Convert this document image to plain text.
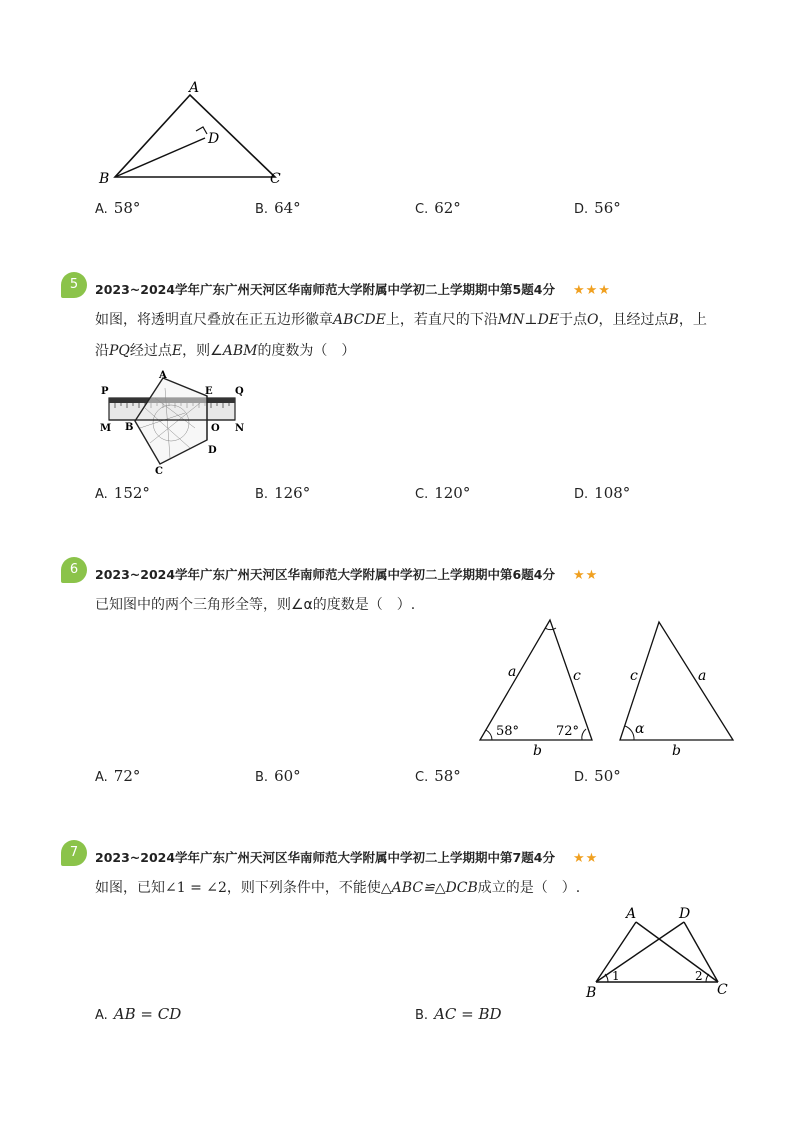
A
D
B	C
A. 58°	B. 64°	C. 62°	D. 56°
5	2023~2024学年广东广州天河区华南师范大学附属中学初二上学期期中第5题4分 ★★★
如图，将透明直尺叠放在正五边形徽章ABCDE上，若直尺的下沿MN⊥DE于点O，且经过点B，上
沿PQ经过点E，则∠ABM的度数为（　）
P
A
E Q
M B	O N
D
C
A. 152°	B. 126°	C. 120°	D. 108°
6	2023~2024学年广东广州天河区华南师范大学附属中学初二上学期期中第6题4分 ★★
已知图中的两个三角形全等，则∠α的度数是（　）.
a	c
b
58°	72°
c	a
b
α
A. 72°	B. 60°	C. 58°	D. 50°
7	2023~2024学年广东广州天河区华南师范大学附属中学初二上学期期中第7题4分 ★★
如图，已知∠1 = ∠2，则下列条件中，不能使△ABC≌△DCB成立的是（　）.
A	D
B	C
1	2
A. AB = CD	B. AC = BD
